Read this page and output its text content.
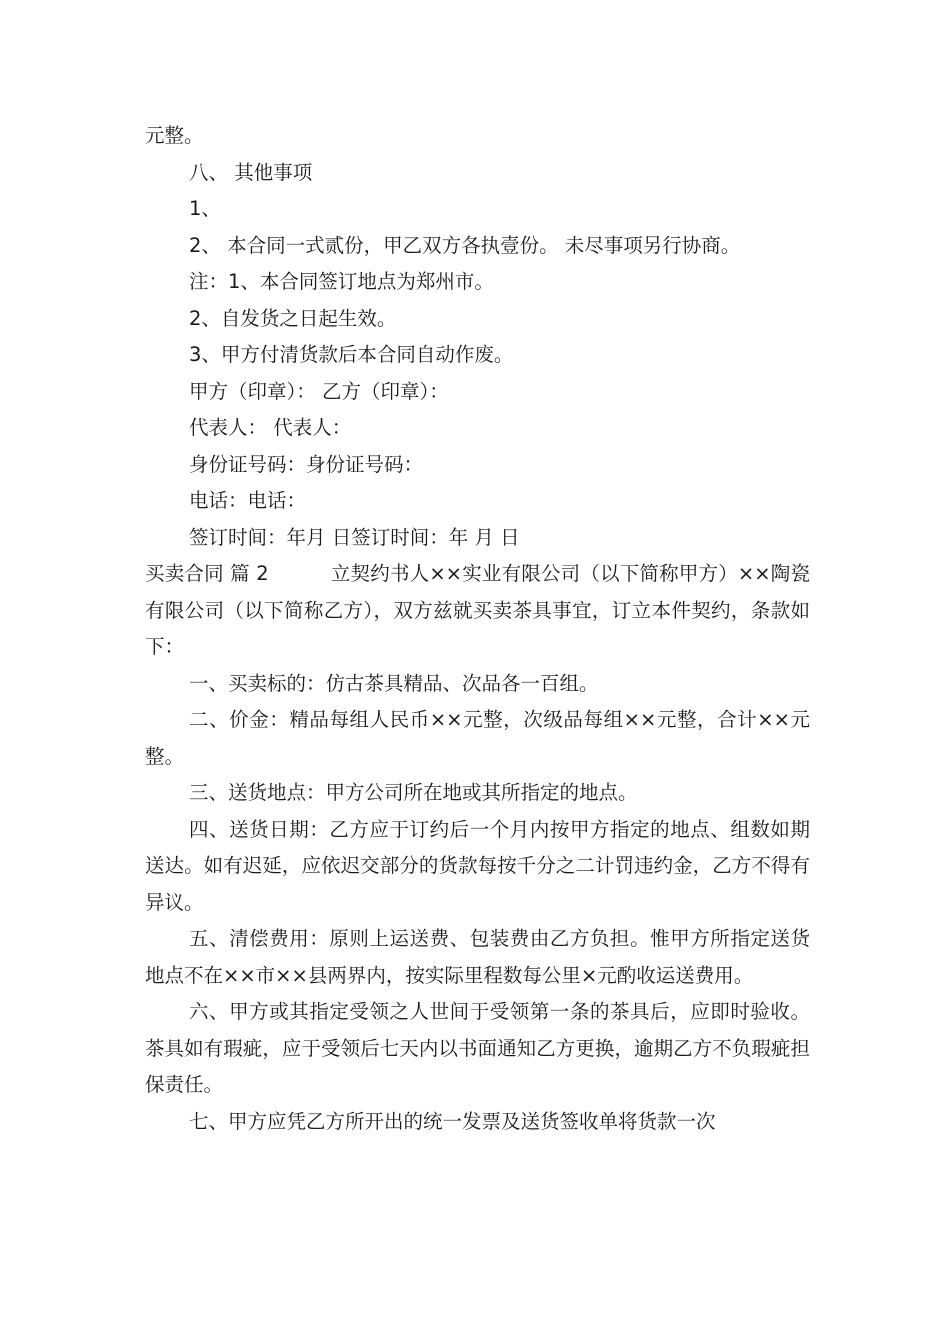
元整。

八、 其他事项

1、

2、 本合同一式贰份，甲乙双方各执壹份。 未尽事项另行协商。

注：1、本合同签订地点为郑州市。

2、自发货之日起生效。

3、甲方付清货款后本合同自动作废。

甲方（印章）： 乙方（印章）：

代表人： 代表人：

身份证号码：身份证号码：

电话：电话：

签订时间：年月 日签订时间：年 月 日

买卖合同 篇 2	立契约书人××实业有限公司（以下简称甲方）××陶瓷有限公司（以下简称乙方），双方兹就买卖茶具事宜，订立本件契约，条款如下：

一、买卖标的：仿古茶具精品、次品各一百组。

二、价金：精品每组人民币××元整，次级品每组××元整，合计××元整。

三、送货地点：甲方公司所在地或其所指定的地点。

四、送货日期：乙方应于订约后一个月内按甲方指定的地点、组数如期送达。如有迟延，应依迟交部分的货款每按千分之二计罚违约金，乙方不得有异议。

五、清偿费用：原则上运送费、包装费由乙方负担。惟甲方所指定送货地点不在××市××县两界内，按实际里程数每公里×元酌收运送费用。

六、甲方或其指定受领之人世间于受领第一条的茶具后，应即时验收。茶具如有瑕疵，应于受领后七天内以书面通知乙方更换，逾期乙方不负瑕疵担保责任。

七、甲方应凭乙方所开出的统一发票及送货签收单将货款一次
